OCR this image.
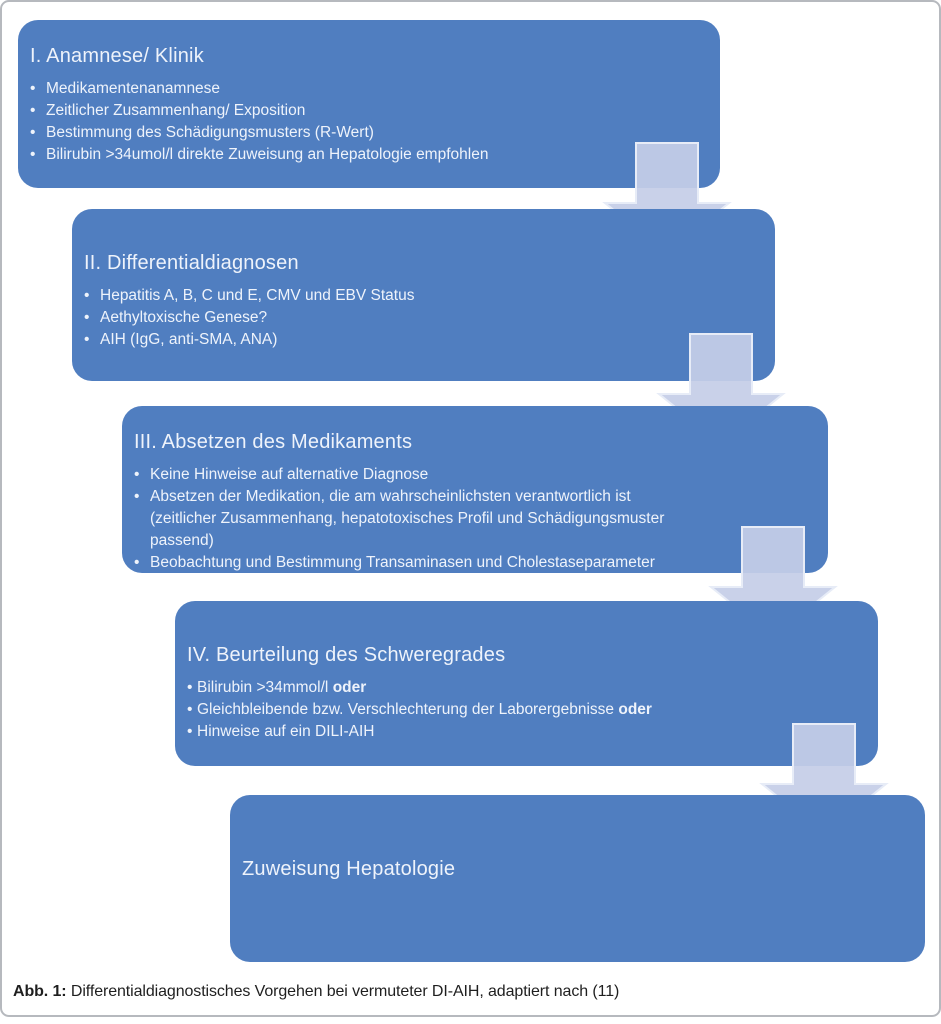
I. Anamnese/ Klinik
• Medikamentenanamnese
• Zeitlicher Zusammenhang/ Exposition
• Bestimmung des Schädigungsmusters (R-Wert)
• Bilirubin >34umol/l direkte Zuweisung an Hepatologie empfohlen
II. Differentialdiagnosen
• Hepatitis A, B, C und E, CMV und EBV Status
• Aethyltoxische Genese?
• AIH (IgG, anti-SMA, ANA)
III. Absetzen des Medikaments
• Keine Hinweise auf alternative Diagnose
• Absetzen der Medikation, die am wahrscheinlichsten verantwortlich ist (zeitlicher Zusammenhang, hepatotoxisches Profil und Schädigungsmuster passend)
• Beobachtung und Bestimmung Transaminasen und Cholestaseparameter
IV. Beurteilung des Schweregrades
• Bilirubin >34mmol/l oder
• Gleichbleibende bzw. Verschlechterung der Laborergebnisse oder
• Hinweise auf ein DILI-AIH
Zuweisung Hepatologie
Abb. 1: Differentialdiagnostisches Vorgehen bei vermuteter DI-AIH, adaptiert nach (11)
